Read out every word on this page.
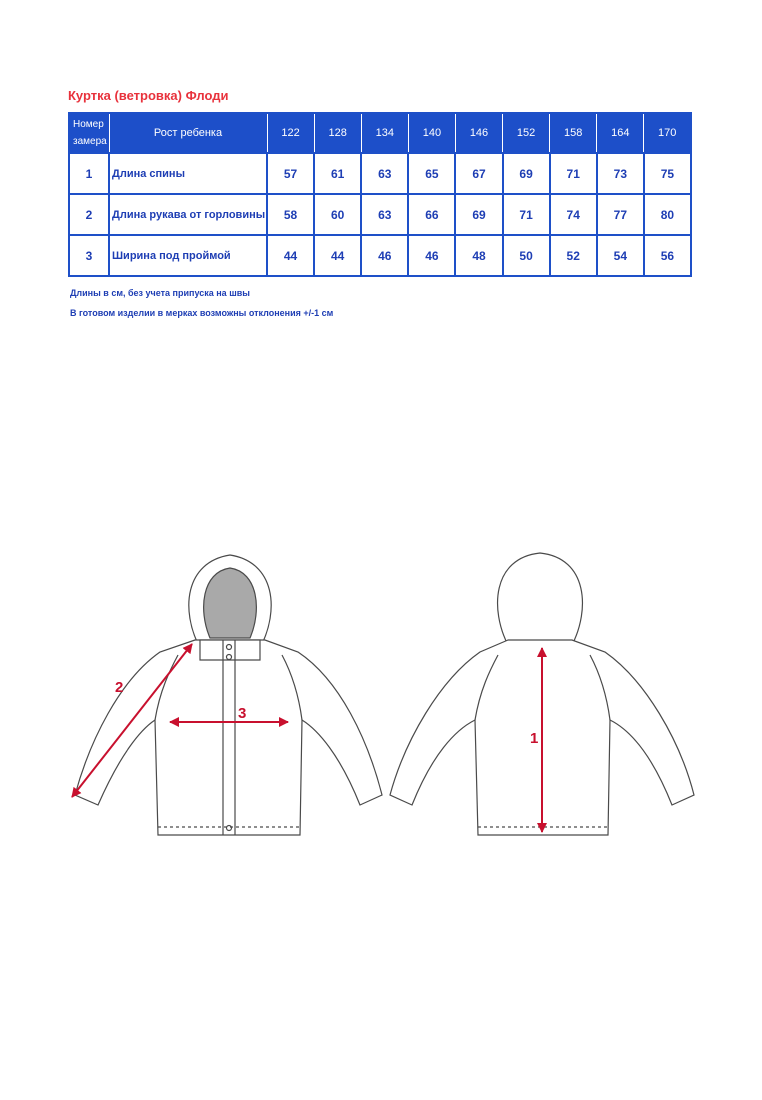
Куртка (ветровка) Флоди
Номер
замера	Рост ребенка	122	128	134	140	146	152	158	164	170
1	Длина спины	57	61	63	65	67	69	71	73	75
2	Длина рукава от горловины	58	60	63	66	69	71	74	77	80
3	Ширина под проймой	44	44	46	46	48	50	52	54	56
Длины в см, без учета припуска на швы
В готовом изделии в мерках возможны отклонения +/-1 см
2
3
1
